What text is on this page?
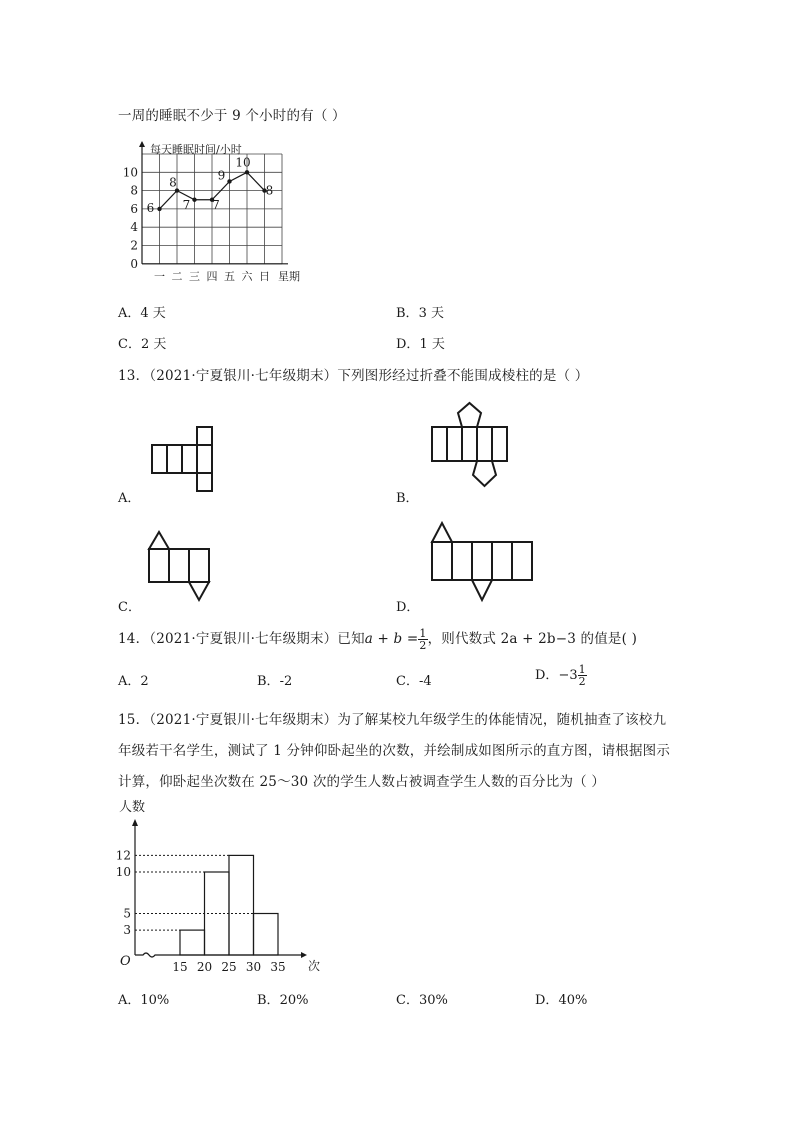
一周的睡眠不少于 9 个小时的有（ ）
每天睡眠时间/小时
星期
0
2
4
6
8
10
一 二 三 四 五 六 日
6
8
7 7
9
10
8
A．4 天	B．3 天
C．2 天	D．1 天
13．（2021·宁夏银川·七年级期末）下列图形经过折叠不能围成棱柱的是（ ）
A．	B．
C．	D．
14．（2021·宁夏银川·七年级期末）已知$a + b = \frac{1}{2}$ ，则代数式 2a + 2b−3 的值是( )
A．2	B．-2	C．-4	D．$-3 \frac{1}{2}$
15．（2021·宁夏银川·七年级期末）为了解某校九年级学生的体能情况，随机抽查了该校九
年级若干名学生，测试了 1 分钟仰卧起坐的次数，并绘制成如图所示的直方图，请根据图示
计算，仰卧起坐次数在 25～30 次的学生人数占被调查学生人数的百分比为（ ）
人数
次
O
3
5
10
12
15 20 25 30 35
A．10%	B．20%	C．30%	D．40%
